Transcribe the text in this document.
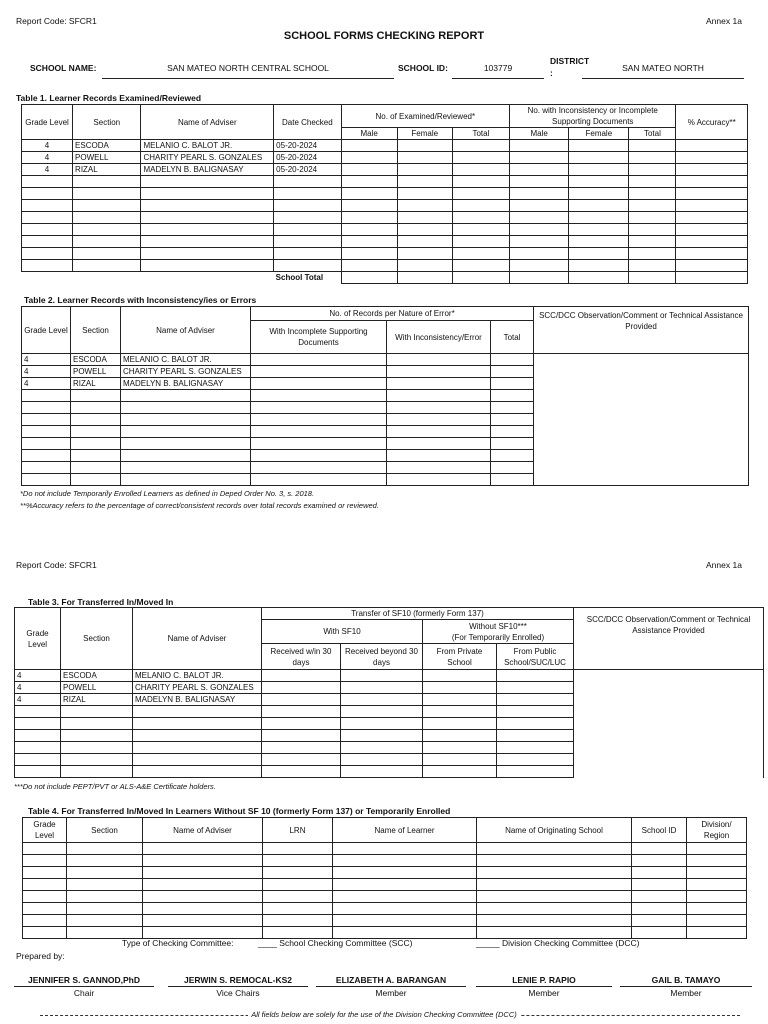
Report Code: SFCR1	Annex 1a
SCHOOL FORMS CHECKING REPORT
SCHOOL NAME:	SAN MATEO NORTH CENTRAL SCHOOL	SCHOOL ID:	103779
DISTRICT
:	SAN MATEO NORTH
Table 1. Learner Records Examined/Reviewed
Grade Level	Section	Name of Adviser	Date Checked	No. of Examined/Reviewed*			No. with Inconsistency or Incomplete Supporting Documents			% Accuracy**
				Male	Female	Total	Male	Female	Total	
4	ESCODA	MELANIO C. BALOT JR.	05-20-2024							
4	POWELL	CHARITY PEARL S. GONZALES	05-20-2024							
4	RIZAL	MADELYN B. BALIGNASAY	05-20-2024							

			School Total							
Table 2. Learner Records with Inconsistency/ies or Errors
Grade Level	Section	Name of Adviser	No. of Records per Nature of Error*			SCC/DCC Observation/Comment or Technical Assistance Provided
			With Incomplete Supporting Documents	With Inconsistency/Error	Total	
4	ESCODA	MELANIO C. BALOT JR.				
4	POWELL	CHARITY PEARL S. GONZALES				
4	RIZAL	MADELYN B. BALIGNASAY				

*Do not include Temporarily Enrolled Learners as defined in Deped Order No. 3, s. 2018.
**%Accuracy refers to the percentage of correct/consistent records over total records examined or reviewed.
Report Code: SFCR1	Annex 1a
Table 3. For Transferred In/Moved In
Grade Level	Section	Name of Adviser	Transfer of SF10 (formerly Form 137)				SCC/DCC Observation/Comment or Technical Assistance Provided
			With SF10		Without SF10***
(For Temporarily Enrolled)		
			Received w/in 30 days	Received beyond 30 days	From Private School	From Public School/SUC/LUC	
4	ESCODA	MELANIO C. BALOT JR.					
4	POWELL	CHARITY PEARL S. GONZALES					
4	RIZAL	MADELYN B. BALIGNASAY					

***Do not include PEPT/PVT or ALS-A&E Certificate holders.
Table 4. For Transferred In/Moved In Learners Without SF 10 (formerly Form 137) or Temporarily Enrolled
Grade Level	Section	Name of Adviser	LRN	Name of Learner	Name of Originating School	School ID	Division/ Region

Type of Checking Committee:	____ School Checking Committee (SCC)	_____ Division Checking Committee (DCC)
Prepared by:
JENNIFER S. GANNOD,PhD
Chair
JERWIN S. REMOCAL-KS2
Vice Chairs
ELIZABETH A. BARANGAN
Member
LENIE P. RAPIO
Member
GAIL B. TAMAYO
Member
All fields below are solely for the use of the Division Checking Committee (DCC)
